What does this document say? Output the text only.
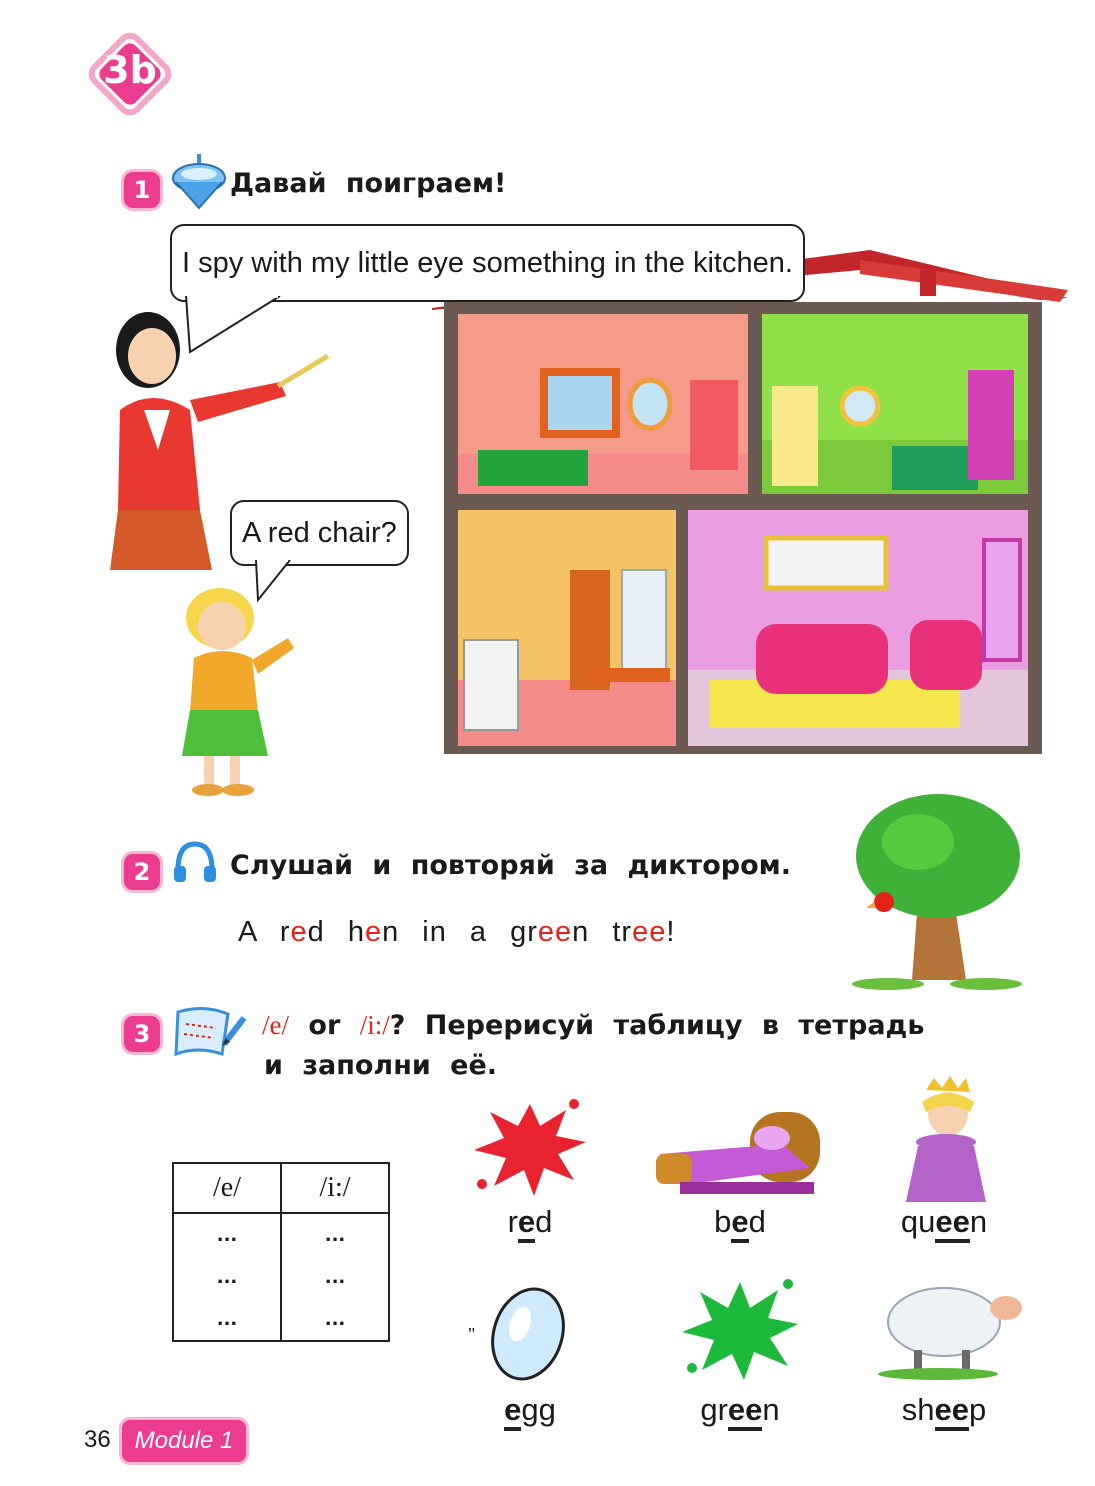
3b
1	Давай поиграем!
I spy with my little eye something in the kitchen.
A red chair?
2	Слушай и повторяй за диктором.
A red hen in a green tree!
3	/e/ or /i:/? Перерисуй таблицу в тетрадь
и заполни её.
/e/	/i:/
...	...
...	...
...	...
"
red	bed	queen
egg	green	sheep
36 Module 1
